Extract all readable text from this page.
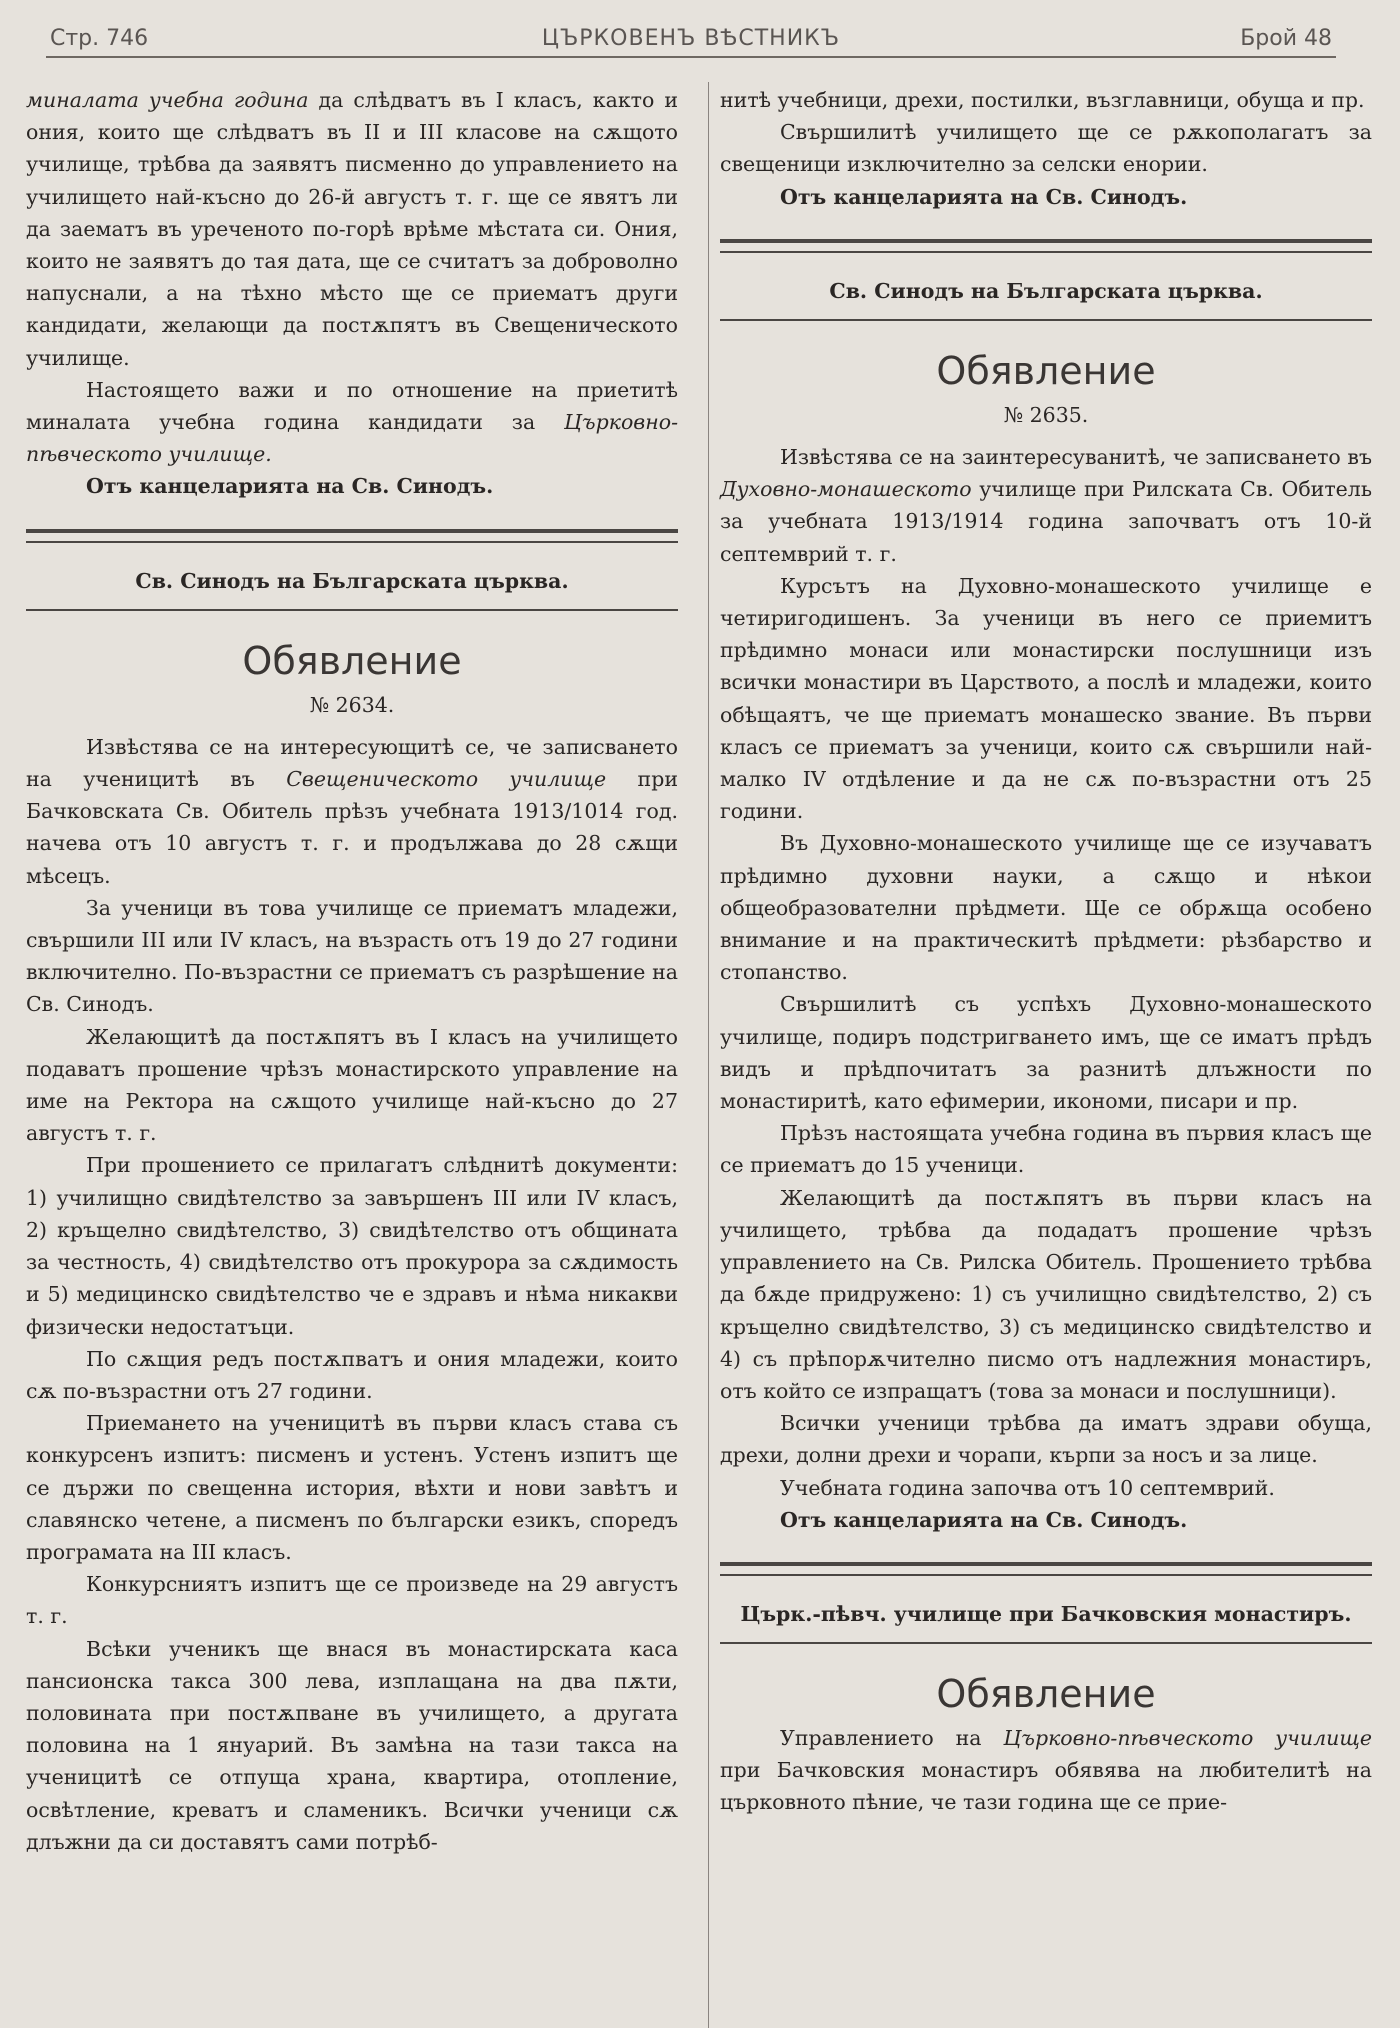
Стр. 746	ЦЪРКОВЕНЪ ВѢСТНИКЪ	Брой 48

миналата учебна година да слѣдватъ въ I класъ, както и ония, които ще слѣдватъ въ II и III класове на сѫщото училище, трѣбва да заявятъ писменно до управлението на училището най-късно до 26-й августъ т. г. ще се явятъ ли да заематъ въ уреченото по-горѣ врѣме мѣстата си. Ония, които не заявятъ до тая дата, ще се считатъ за доброволно напуснали, а на тѣхно мѣсто ще се приематъ други кандидати, желающи да постѫпятъ въ Свещеническото училище.

Настоящето важи и по отношение на приетитѣ миналата учебна година кандидати за Църковно-пѣвческото училище.

Отъ канцеларията на Св. Синодъ.

Св. Синодъ на Българската църква.
Обявление
№ 2634.

Извѣстява се на интересующитѣ се, че записването на ученицитѣ въ Свещеническото училище при Бачковската Св. Обитель прѣзъ учебната 1913/1014 год. начева отъ 10 августъ т. г. и продължава до 28 сѫщи мѣсецъ.

За ученици въ това училище се приематъ младежи, свършили III или IV класъ, на възрасть отъ 19 до 27 години включително. По-възрастни се приематъ съ разрѣшение на Св. Синодъ.

Желающитѣ да постѫпятъ въ I класъ на училището подаватъ прошение чрѣзъ монастирското управление на име на Ректора на сѫщото училище най-късно до 27 августъ т. г.

При прошението се прилагатъ слѣднитѣ документи: 1) училищно свидѣтелство за завършенъ III или IV класъ, 2) кръщелно свидѣтелство, 3) свидѣтелство отъ общината за честность, 4) свидѣтелство отъ прокурора за сѫдимость и 5) медицинско свидѣтелство че е здравъ и нѣма никакви физически недостатъци.

По сѫщия редъ постѫпватъ и ония младежи, които сѫ по-възрастни отъ 27 години.

Приемането на ученицитѣ въ първи класъ става съ конкурсенъ изпитъ: писменъ и устенъ. Устенъ изпитъ ще се държи по свещенна история, вѣхти и нови завѣтъ и славянско четене, а писменъ по български езикъ, споредъ програмата на III класъ.

Конкурсниятъ изпитъ ще се произведе на 29 августъ т. г.

Всѣки ученикъ ще внася въ монастирската каса пансионска такса 300 лева, изплащана на два пѫти, половината при постѫпване въ училището, а другата половина на 1 януарий. Въ замѣна на тази такса на ученицитѣ се отпуща храна, квартира, отопление, освѣтление, креватъ и сламеникъ. Всички ученици сѫ длъжни да си доставятъ сами потрѣб-

нитѣ учебници, дрехи, постилки, възглавници, обуща и пр.

Свършилитѣ училището ще се рѫкополагатъ за свещеници изключително за селски енории.

Отъ канцеларията на Св. Синодъ.

Св. Синодъ на Българската църква.
Обявление
№ 2635.

Извѣстява се на заинтересуванитѣ, че записването въ Духовно-монашеското училище при Рилската Св. Обитель за учебната 1913/1914 година започватъ отъ 10-й септемврий т. г.

Курсътъ на Духовно-монашеското училище е четиригодишенъ. За ученици въ него се приемитъ прѣдимно монаси или монастирски послушници изъ всички монастири въ Царството, а послѣ и младежи, които обѣщаятъ, че ще приематъ монашеско звание. Въ първи класъ се приематъ за ученици, които сѫ свършили най-малко IV отдѣление и да не сѫ по-възрастни отъ 25 години.

Въ Духовно-монашеското училище ще се изучаватъ прѣдимно духовни науки, а сѫщо и нѣкои общеобразователни прѣдмети. Ще се обрѫща особено внимание и на практическитѣ прѣдмети: рѣзбарство и стопанство.

Свършилитѣ съ успѣхъ Духовно-монашеското училище, подиръ подстригването имъ, ще се иматъ прѣдъ видъ и прѣдпочитатъ за разнитѣ длъжности по монастиритѣ, като ефимерии, икономи, писари и пр.

Прѣзъ настоящата учебна година въ първия класъ ще се приематъ до 15 ученици.

Желающитѣ да постѫпятъ въ първи класъ на училището, трѣбва да подадатъ прошение чрѣзъ управлението на Св. Рилска Обитель. Прошението трѣбва да бѫде придружено: 1) съ училищно свидѣтелство, 2) съ кръщелно свидѣтелство, 3) съ медицинско свидѣтелство и 4) съ прѣпорѫчително писмо отъ надлежния монастиръ, отъ който се изпращатъ (това за монаси и послушници).

Всички ученици трѣбва да иматъ здрави обуща, дрехи, долни дрехи и чорапи, кърпи за носъ и за лице.

Учебната година започва отъ 10 септемврий.

Отъ канцеларията на Св. Синодъ.

Църк.-пѣвч. училище при Бачковския монастиръ.
Обявление

Управлението на Църковно-пѣвческото училище при Бачковския монастиръ обявява на любителитѣ на църковното пѣние, че тази година ще се прие-
